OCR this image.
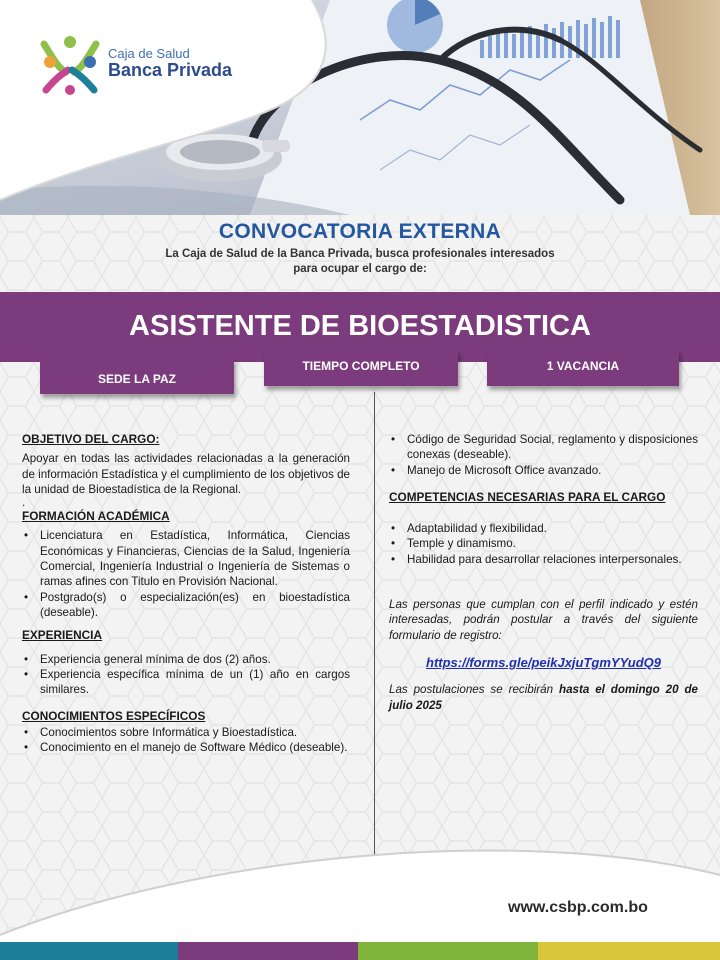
Caja de Salud
Banca Privada
CONVOCATORIA EXTERNA
La Caja de Salud de la Banca Privada, busca profesionales interesados
para ocupar el cargo de:
ASISTENTE DE BIOESTADISTICA
SEDE LA PAZ
TIEMPO COMPLETO	1 VACANCIA

OBJETIVO DEL CARGO:

Apoyar en todas las actividades relacionadas a la generación de información Estadística y el cumplimiento de los objetivos de la unidad de Bioestadística de la Regional.

.

FORMACIÓN ACADÉMICA

• Licenciatura en Estadística, Informática, Ciencias Económicas y Financieras, Ciencias de la Salud, Ingeniería Comercial, Ingeniería Industrial o Ingeniería de Sistemas o ramas afines con Titulo en Provisión Nacional.
• Postgrado(s) o especialización(es) en bioestadística (deseable).

EXPERIENCIA

• Experiencia general mínima de dos (2) años.
• Experiencia específica mínima de un (1) año en cargos similares.

CONOCIMIENTOS ESPECÍFICOS

• Conocimientos sobre Informática y Bioestadística.
• Conocimiento en el manejo de Software Médico (deseable).
• Código de Seguridad Social, reglamento y disposiciones conexas (deseable).
• Manejo de Microsoft Office avanzado.

COMPETENCIAS NECESARIAS PARA EL CARGO

• Adaptabilidad y flexibilidad.
• Temple y dinamismo.
• Habilidad para desarrollar relaciones interpersonales.

Las personas que cumplan con el perfil indicado y estén interesadas, podrán postular a través del siguiente formulario de registro:

https://forms.gle/peikJxjuTgmYYudQ9

Las postulaciones se recibirán hasta el domingo 20 de julio 2025

www.csbp.com.bo
